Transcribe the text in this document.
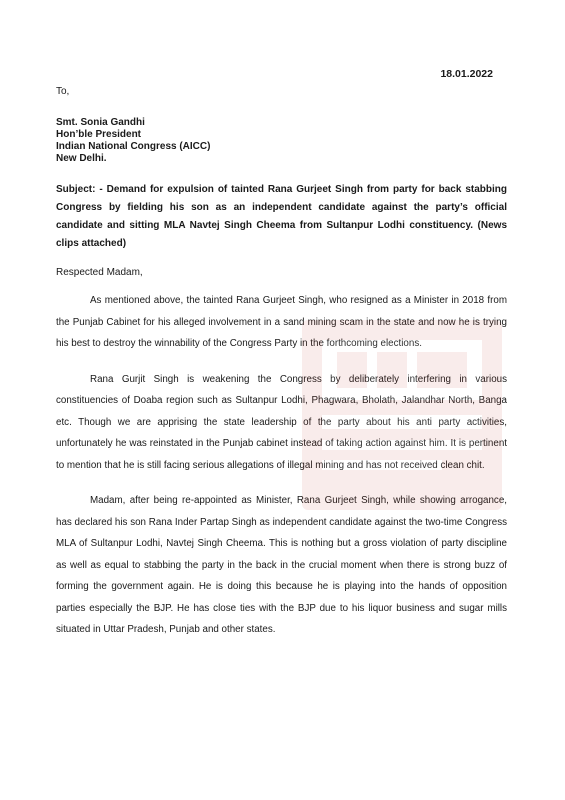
18.01.2022
To,
Smt. Sonia Gandhi
Hon’ble President
Indian National Congress (AICC)
New Delhi.
Subject: - Demand for expulsion of tainted Rana Gurjeet Singh from party for back stabbing Congress by fielding his son as an independent candidate against the party’s official candidate and sitting MLA Navtej Singh Cheema from Sultanpur Lodhi constituency. (News clips attached)
Respected Madam,
As mentioned above, the tainted Rana Gurjeet Singh, who resigned as a Minister in 2018 from the Punjab Cabinet for his alleged involvement in a sand mining scam in the state and now he is trying his best to destroy the winnability of the Congress Party in the forthcoming elections.
Rana Gurjit Singh is weakening the Congress by deliberately interfering in various constituencies of Doaba region such as Sultanpur Lodhi, Phagwara, Bholath, Jalandhar North, Banga etc. Though we are apprising the state leadership of the party about his anti party activities, unfortunately he was reinstated in the Punjab cabinet instead of taking action against him. It is pertinent to mention that he is still facing serious allegations of illegal mining and has not received clean chit.
Madam, after being re-appointed as Minister, Rana Gurjeet Singh, while showing arrogance, has declared his son Rana Inder Partap Singh as independent candidate against the two-time Congress MLA of Sultanpur Lodhi, Navtej Singh Cheema. This is nothing but a gross violation of party discipline as well as equal to stabbing the party in the back in the crucial moment when there is strong buzz of forming the government again. He is doing this because he is playing into the hands of opposition parties especially the BJP. He has close ties with the BJP due to his liquor business and sugar mills situated in Uttar Pradesh, Punjab and other states.
